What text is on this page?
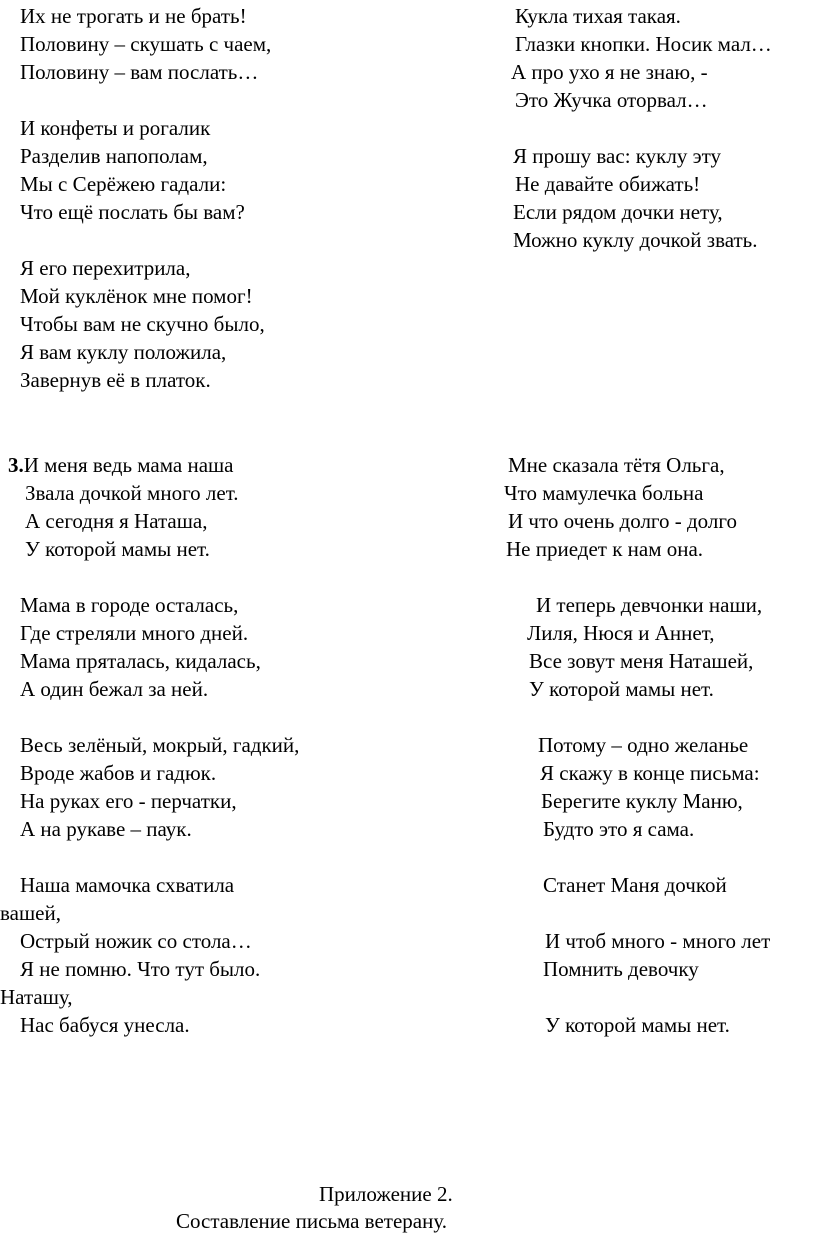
Их не трогать и не брать!
Половину – скушать с чаем,
Половину – вам послать…
И конфеты и рогалик
Разделив напополам,
Мы с Серёжею гадали:
Что ещё послать бы вам?
Я его перехитрила,
Мой куклёнок мне помог!
Чтобы вам не скучно было,
Я вам куклу положила,
Завернув её в платок.
Кукла тихая такая.
Глазки кнопки. Носик мал…
А про ухо я не знаю, -
Это Жучка оторвал…
Я прошу вас: куклу эту
Не давайте обижать!
Если рядом дочки нету,
Можно куклу дочкой звать.
3.И меня ведь мама наша
Звала дочкой много лет.
А сегодня я Наташа,
У которой мамы нет.
Мама в городе осталась,
Где стреляли много дней.
Мама пряталась, кидалась,
А один бежал за ней.
Весь зелёный, мокрый, гадкий,
Вроде жабов и гадюк.
На руках его - перчатки,
А на рукаве – паук.
Наша мамочка схватила
вашей,
Острый ножик со стола…
Я не помню. Что тут было.
Наташу,
Нас бабуся унесла.
Мне сказала тётя Ольга,
Что мамулечка больна
И что очень долго - долго
Не приедет к нам она.
И теперь девчонки наши,
Лиля, Нюся и Аннет,
Все зовут меня Наташей,
У которой мамы нет.
Потому – одно желанье
Я скажу в конце письма:
Берегите куклу Маню,
Будто это я сама.
Станет Маня дочкой
И чтоб много - много лет
Помнить девочку
У которой мамы нет.
Приложение 2.
Составление письма ветерану.
